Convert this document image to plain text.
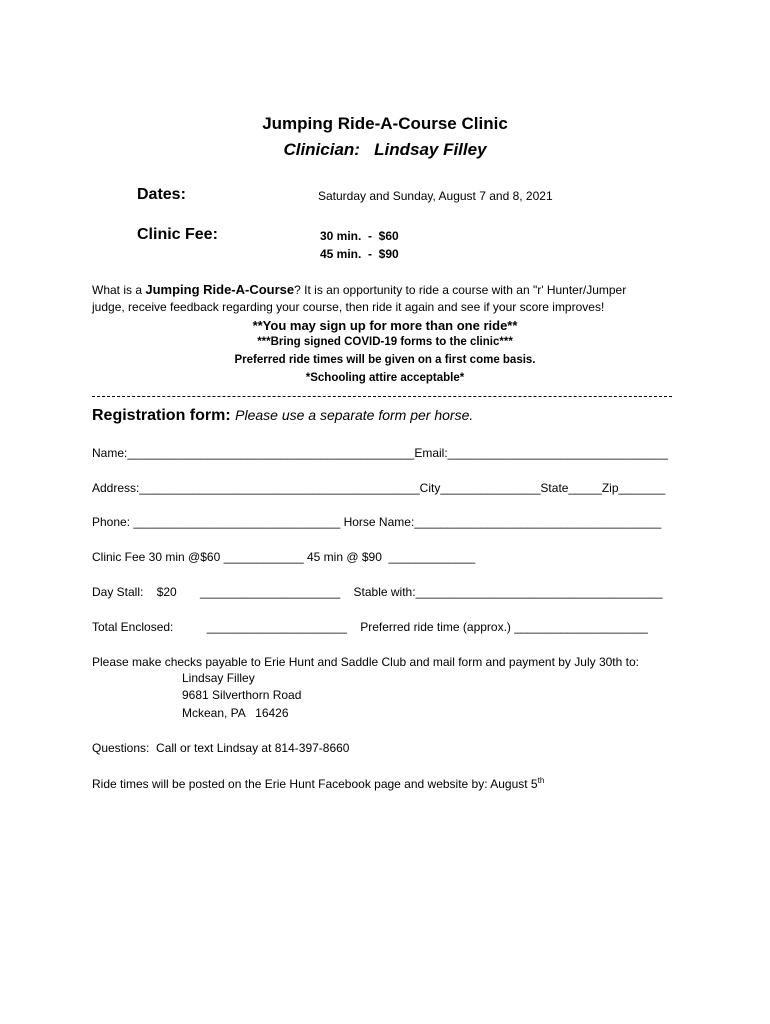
Jumping Ride-A-Course Clinic
Clinician:   Lindsay Filley
Dates:	Saturday and Sunday, August 7 and 8, 2021
Clinic Fee:	30 min.  -  $60
45 min.  -  $90
What is a Jumping Ride-A-Course? It is an opportunity to ride a course with an "r' Hunter/Jumper
judge, receive feedback regarding your course, then ride it again and see if your score improves!
**You may sign up for more than one ride**
***Bring signed COVID-19 forms to the clinic***
Preferred ride times will be given on a first come basis.
*Schooling attire acceptable*
Registration form: Please use a separate form per horse.
Name:___________________________________________Email:_________________________________
Address:__________________________________________City_______________State_____Zip_______
Phone: _______________________________ Horse Name:_____________________________________
Clinic Fee 30 min @$60 ____________ 45 min @ $90  _____________
Day Stall:    $20       _____________________    Stable with:_____________________________________
Total Enclosed:          _____________________    Preferred ride time (approx.) ____________________
Please make checks payable to Erie Hunt and Saddle Club and mail form and payment by July 30th to:
Lindsay Filley
9681 Silverthorn Road
Mckean, PA   16426
Questions:  Call or text Lindsay at 814-397-8660
Ride times will be posted on the Erie Hunt Facebook page and website by: August 5th
